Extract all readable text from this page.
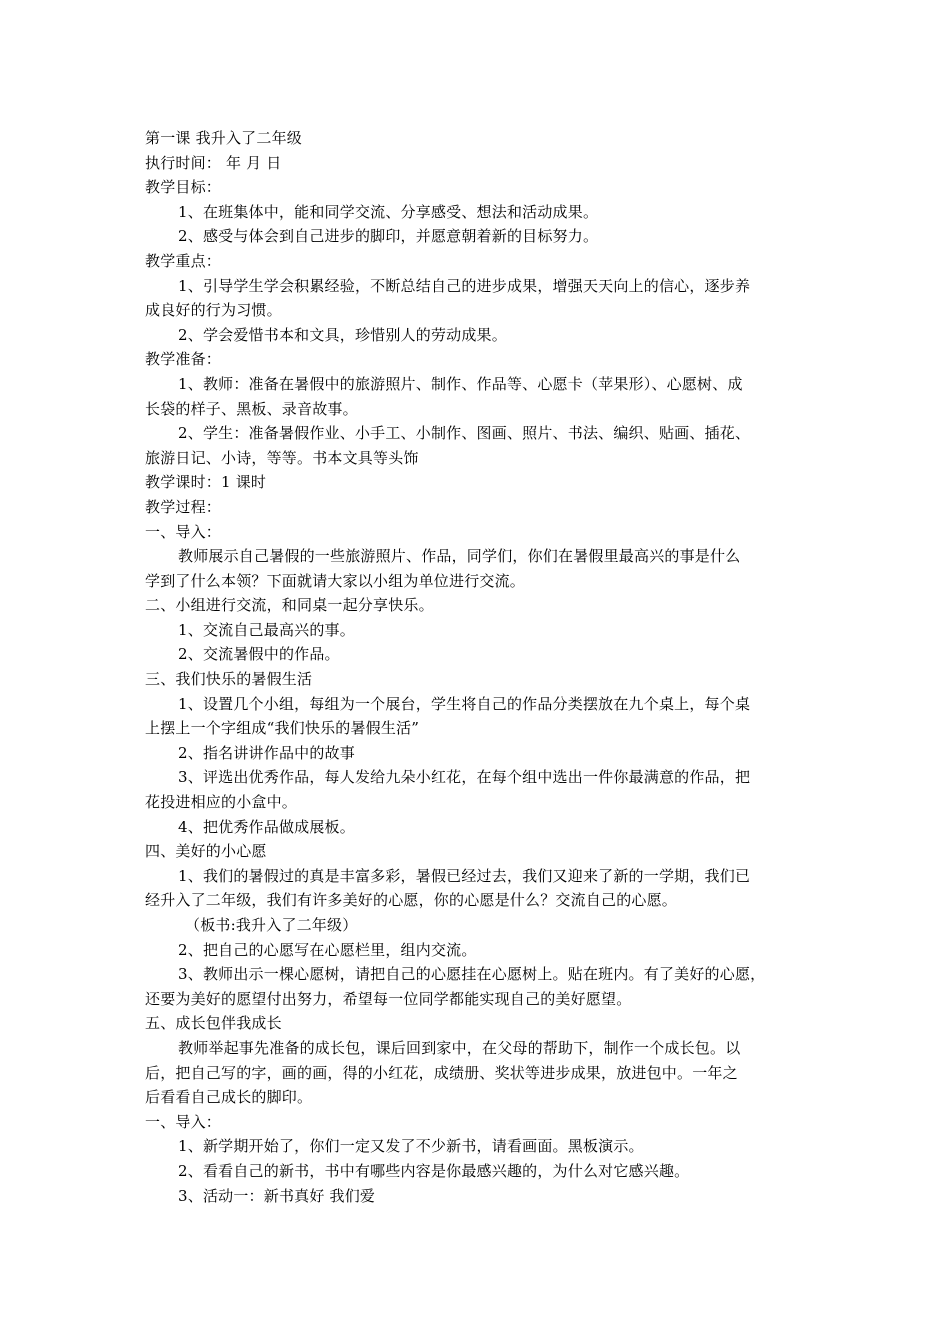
第一课 我升入了二年级
执行时间： 年 月 日
教学目标：
1、在班集体中，能和同学交流、分享感受、想法和活动成果。
2、感受与体会到自己进步的脚印，并愿意朝着新的目标努力。
教学重点：
1、引导学生学会积累经验，不断总结自己的进步成果，增强天天向上的信心，逐步养
成良好的行为习惯。
2、学会爱惜书本和文具，珍惜别人的劳动成果。
教学准备：
1、教师：准备在暑假中的旅游照片、制作、作品等、心愿卡（苹果形）、心愿树、成
长袋的样子、黑板、录音故事。
2、学生：准备暑假作业、小手工、小制作、图画、照片、书法、编织、贴画、插花、
旅游日记、小诗，等等。书本文具等头饰
教学课时：1 课时
教学过程：
一、导入：
教师展示自己暑假的一些旅游照片、作品，同学们，你们在暑假里最高兴的事是什么
学到了什么本领？下面就请大家以小组为单位进行交流。
二、小组进行交流，和同桌一起分享快乐。
1、交流自己最高兴的事。
2、交流暑假中的作品。
三、我们快乐的暑假生活
1、设置几个小组，每组为一个展台，学生将自己的作品分类摆放在九个桌上，每个桌
上摆上一个字组成“我们快乐的暑假生活”
2、指名讲讲作品中的故事
3、评选出优秀作品，每人发给九朵小红花，在每个组中选出一件你最满意的作品，把
花投进相应的小盒中。
4、把优秀作品做成展板。
四、美好的小心愿
1、我们的暑假过的真是丰富多彩，暑假已经过去，我们又迎来了新的一学期，我们已
经升入了二年级，我们有许多美好的心愿，你的心愿是什么？交流自己的心愿。
（板书:我升入了二年级）
2、把自己的心愿写在心愿栏里，组内交流。
3、教师出示一棵心愿树，请把自己的心愿挂在心愿树上。贴在班内。有了美好的心愿，
还要为美好的愿望付出努力，希望每一位同学都能实现自己的美好愿望。
五、成长包伴我成长
教师举起事先准备的成长包，课后回到家中，在父母的帮助下，制作一个成长包。以
后，把自己写的字，画的画，得的小红花，成绩册、奖状等进步成果，放进包中。一年之
后看看自己成长的脚印。
一、导入：
1、新学期开始了，你们一定又发了不少新书，请看画面。黑板演示。
2、看看自己的新书，书中有哪些内容是你最感兴趣的，为什么对它感兴趣。
3、活动一：新书真好 我们爱
